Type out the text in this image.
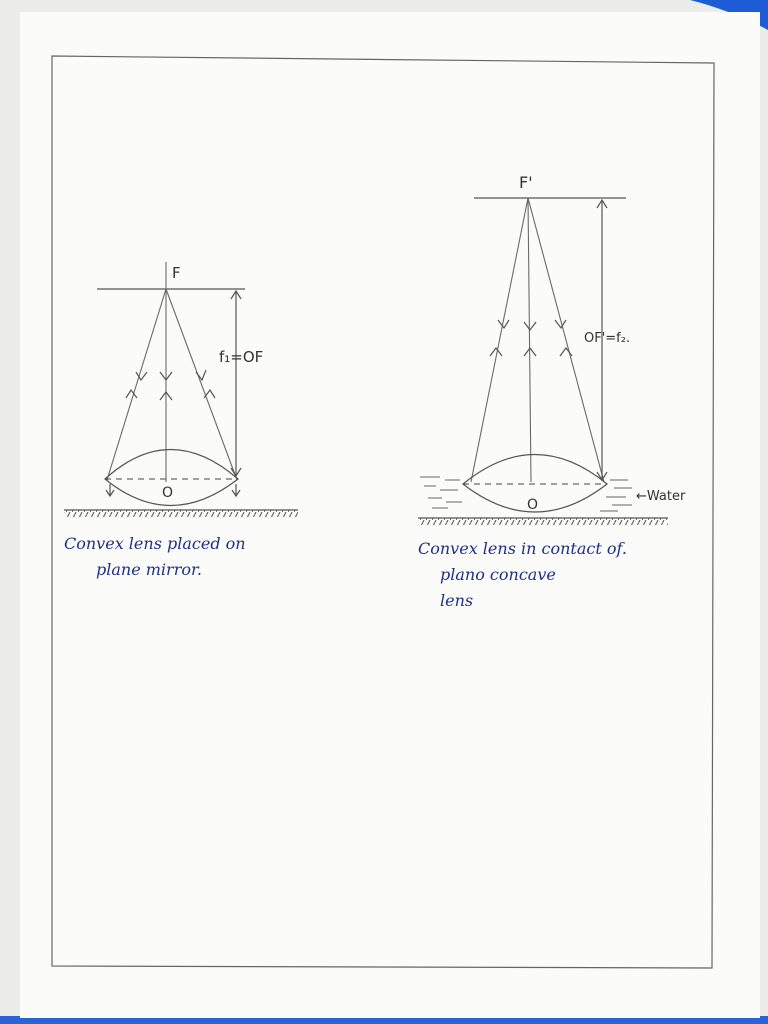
F
f₁=OF
O
Convex lens placed on
plane mirror.
F'
OF'=f₂.
O
←Water
Convex lens in contact of.
plano concave
lens
